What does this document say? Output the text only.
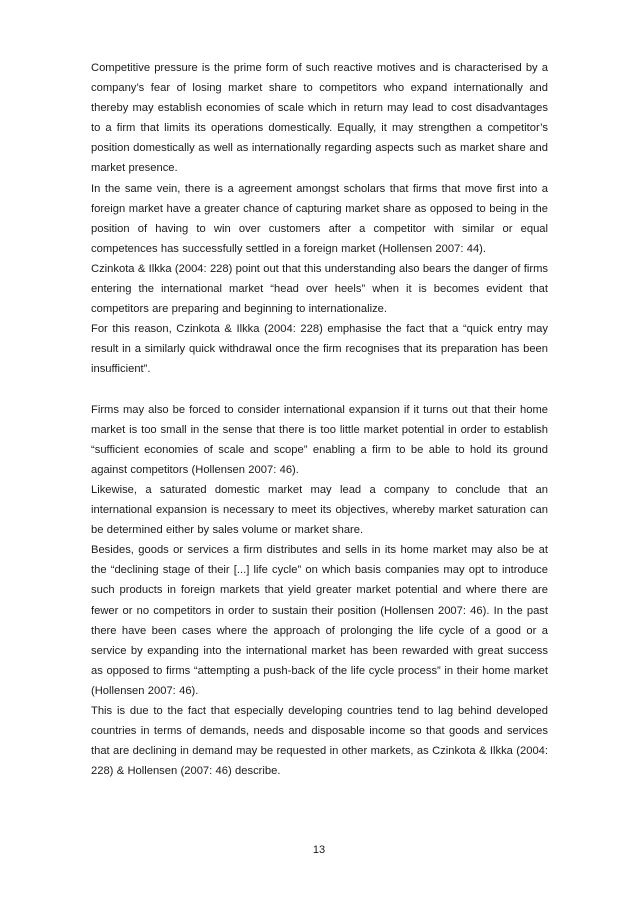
Competitive pressure is the prime form of such reactive motives and is characterised by a company’s fear of losing market share to competitors who expand internationally and thereby may establish economies of scale which in return may lead to cost disadvantages to a firm that limits its operations domestically. Equally, it may strengthen a competitor’s position domestically as well as internationally regarding aspects such as market share and market presence.

In the same vein, there is a agreement amongst scholars that firms that move first into a foreign market have a greater chance of capturing market share as opposed to being in the position of having to win over customers after a competitor with similar or equal competences has successfully settled in a foreign market (Hollensen 2007: 44).

Czinkota & Ilkka (2004: 228) point out that this understanding also bears the danger of firms entering the international market “head over heels” when it is becomes evident that competitors are preparing and beginning to internationalize.

For this reason, Czinkota & Ilkka (2004: 228) emphasise the fact that a “quick entry may result in a similarly quick withdrawal once the firm recognises that its preparation has been insufficient”.

Firms may also be forced to consider international expansion if it turns out that their home market is too small in the sense that there is too little market potential in order to establish “sufficient economies of scale and scope” enabling a firm to be able to hold its ground against competitors (Hollensen 2007: 46).

Likewise, a saturated domestic market may lead a company to conclude that an international expansion is necessary to meet its objectives, whereby market saturation can be determined either by sales volume or market share.

Besides, goods or services a firm distributes and sells in its home market may also be at the “declining stage of their [...] life cycle” on which basis companies may opt to introduce such products in foreign markets that yield greater market potential and where there are fewer or no competitors in order to sustain their position (Hollensen 2007: 46). In the past there have been cases where the approach of prolonging the life cycle of a good or a service by expanding into the international market has been rewarded with great success as opposed to firms “attempting a push-back of the life cycle process” in their home market (Hollensen 2007: 46).

This is due to the fact that especially developing countries tend to lag behind developed countries in terms of demands, needs and disposable income so that goods and services that are declining in demand may be requested in other markets, as Czinkota & Ilkka (2004: 228) & Hollensen (2007: 46) describe.

13
